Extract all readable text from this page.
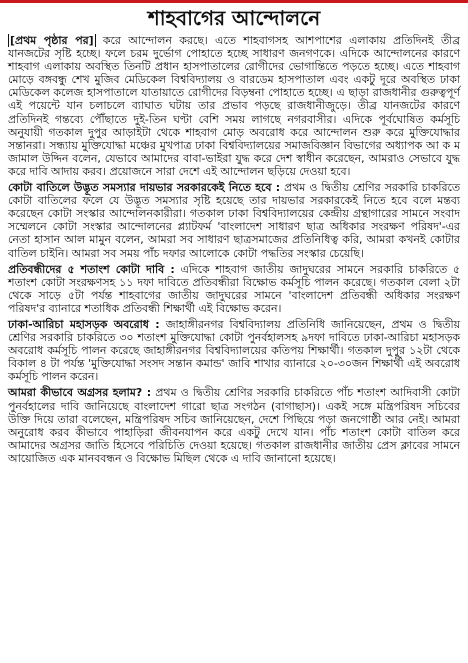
শাহবাগের আন্দোলনে

[প্রথম পৃষ্ঠার পর] করে আন্দোলন করছে। এতে শাহবাগসহ আশপাশের এলাকায় প্রতিদিনই তীব্র যানজটের সৃষ্টি হচ্ছে। ফলে চরম দুর্ভোগ পোহাতে হচ্ছে সাধারণ জনগণকে। এদিকে আন্দোলনের কারণে শাহবাগ এলাকায় অবস্থিত তিনটি প্রধান হাসপাতালের রোগীদের ভোগান্তিতে পড়তে হচ্ছে। এতে শাহবাগ মোড়ে বঙ্গবন্ধু শেখ মুজিব মেডিকেল বিশ্ববিদ্যালয় ও বারডেম হাসপাতাল এবং একটু দূরে অবস্থিত ঢাকা মেডিকেল কলেজ হাসপাতালে যাতায়াতে রোগীদের বিড়ম্বনা পোহাতে হচ্ছে। এ ছাড়া রাজধানীর গুরুত্বপূর্ণ এই পয়েন্টে যান চলাচলে ব্যাঘাত ঘটায় তার প্রভাব পড়ছে রাজধানীজুড়ে। তীব্র যানজটের কারণে প্রতিদিনই গন্তব্যে পৌঁছাতে দুই-তিন ঘণ্টা বেশি সময় লাগছে নগরবাসীর। এদিকে পূর্বঘোষিত কর্মসূচি অনুযায়ী গতকাল দুপুর আড়াইটা থেকে শাহবাগ মোড় অবরোধ করে আন্দোলন শুরু করে মুক্তিযোদ্ধার সন্তানরা। সন্ধ্যায় মুক্তিযোদ্ধা মঞ্চের মুখপাত্র ঢাকা বিশ্ববিদ্যালয়ের সমাজবিজ্ঞান বিভাগের অধ্যাপক আ ক ম জামাল উদ্দিন বলেন, যেভাবে আমাদের বাবা-ভাইরা যুদ্ধ করে দেশ স্বাধীন করেছেন, আমরাও সেভাবে যুদ্ধ করে দাবি আদায় করব। প্রয়োজনে সারা দেশে এই আন্দোলন ছড়িয়ে দেওয়া হবে।

কোটা বাতিলে উদ্ভূত সমস্যার দায়ভার সরকারকেই নিতে হবে : প্রথম ও দ্বিতীয় শ্রেণির সরকারি চাকরিতে কোটা বাতিলের ফলে যে উদ্ভূত সমস্যার সৃষ্টি হয়েছে তার দায়ভার সরকারকেই নিতে হবে বলে মন্তব্য করেছেন কোটা সংস্কার আন্দোলনকারীরা। গতকাল ঢাকা বিশ্ববিদ্যালয়ের কেন্দ্রীয় গ্রন্থাগারের সামনে সংবাদ সম্মেলনে কোটা সংস্কার আন্দোলনের প্ল্যাটফর্ম 'বাংলাদেশ সাধারণ ছাত্র অধিকার সংরক্ষণ পরিষদ'-এর নেতা হাসান আল মামুন বলেন, আমরা সব সাধারণ ছাত্রসমাজের প্রতিনিধিত্ব করি, আমরা কখনই কোটার বাতিল চাইনি। আমরা সব সময় পাঁচ দফার আলোকে কোটা পদ্ধতির সংস্কার চেয়েছি।

প্রতিবন্ধীদের ৫ শতাংশ কোটা দাবি : এদিকে শাহবাগ জাতীয় জাদুঘরের সামনে সরকারি চাকরিতে ৫ শতাংশ কোটা সংরক্ষণসহ ১১ দফা দাবিতে প্রতিবন্ধীরা বিক্ষোভ কর্মসূচি পালন করেছে। গতকাল বেলা ২টা থেকে সাড়ে ৫টা পর্যন্ত শাহবাগের জাতীয় জাদুঘরের সামনে 'বাংলাদেশ প্রতিবন্ধী অধিকার সংরক্ষণ পরিষদ'র ব্যানারে শতাধিক প্রতিবন্ধী শিক্ষার্থী এই বিক্ষোভ করেন।

ঢাকা-আরিচা মহাসড়ক অবরোধ : জাহাঙ্গীরনগর বিশ্ববিদ্যালয় প্রতিনিধি জানিয়েছেন, প্রথম ও দ্বিতীয় শ্রেণির সরকারি চাকরিতে ৩০ শতাংশ মুক্তিযোদ্ধা কোটা পুনর্বহালসহ ৯দফা দাবিতে ঢাকা-আরিচা মহাসড়ক অবরোধ কর্মসূচি পালন করেছে জাহাঙ্গীরনগর বিশ্ববিদ্যালয়ের কতিপয় শিক্ষার্থী। গতকাল দুপুর ১২টা থেকে বিকাল ৪ টা পর্যন্ত 'মুক্তিযোদ্ধা সংসদ সন্তান কমান্ড' জাবি শাখার ব্যানারে ২০-৩০জন শিক্ষার্থী এই অবরোধ কর্মসূচি পালন করেন।

আমরা কীভাবে অগ্রসর হলাম? : প্রথম ও দ্বিতীয় শ্রেণির সরকারি চাকরিতে পাঁচ শতাংশ আদিবাসী কোটা পুনর্বহালের দাবি জানিয়েছে বাংলাদেশ গারো ছাত্র সংগঠন (বাগাছাস)। একই সঙ্গে মন্ত্রিপরিষদ সচিবের উক্তি দিয়ে তারা বলেছেন, মন্ত্রিপরিষদ সচিব জানিয়েছেন, দেশে পিছিয়ে পড়া জনগোষ্ঠী আর নেই। আমরা অনুরোধ করব কীভাবে পাহাড়িরা জীবনযাপন করে একটু দেখে যান। পাঁচ শতাংশ কোটা বাতিল করে আমাদের অগ্রসর জাতি হিসেবে পরিচিতি দেওয়া হয়েছে। গতকাল রাজধানীর জাতীয় প্রেস ক্লাবের সামনে আয়োজিত এক মানববন্ধন ও বিক্ষোভ মিছিল থেকে এ দাবি জানানো হয়েছে।
